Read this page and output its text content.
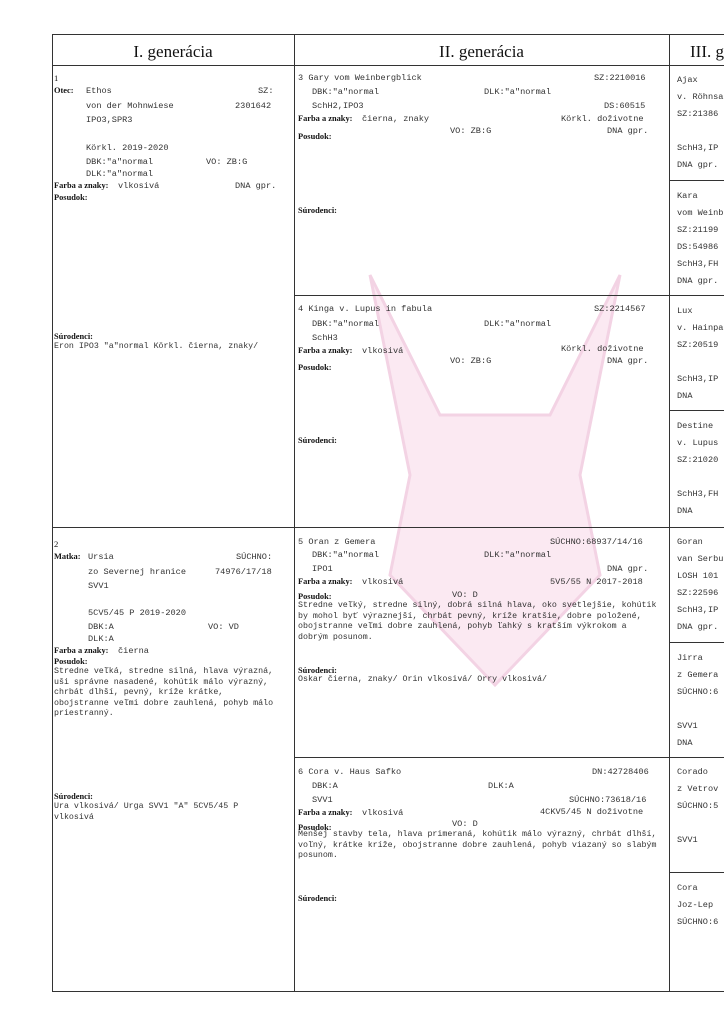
I. generácia	II. generácia	III. g
1
Otec: Ethos	SZ:
von der Mohnwiese	2301642
IPO3,SPR3
Körkl. 2019-2020
DBK:"a"normal	VO: ZB:G
DLK:"a"normal
Farba a znaky: vlkosivá	DNA gpr.
Posudok:
Súrodenci:
Eron IPO3 "a"normal Körkl. čierna, znaky/
2
Matka: Ursia	SÚCHNO:
zo Severnej hranice	74976/17/18
SVV1
5CV5/45 P 2019-2020
DBK:A	VO: VD
DLK:A
Farba a znaky: čierna
Posudok:
Stredne veľká, stredne silná, hlava výrazná, uši správne nasadené, kohútik málo výrazný, chrbát dlhší, pevný, kríže krátke, obojstranne veľmi dobre zauhlená, pohyb málo priestranný.
Súrodenci:
Ura vlkosivá/ Urga SVV1 "A" 5CV5/45 P vlkosivá
3 Gary vom Weinbergblick	SZ:2210016
DBK:"a"normal	DLK:"a"normal
SchH2,IPO3	DS:60515
Farba a znaky: čierna, znaky	Körkl. doživotne
Posudok:
VO: ZB:G	DNA gpr.
Súrodenci:
4 Kinga v. Lupus in fabula	SZ:2214567
DBK:"a"normal	DLK:"a"normal
SchH3
Farba a znaky: vlkosivá	Körkl. doživotne
Posudok:
VO: ZB:G	DNA gpr.
Súrodenci:
5 Oran z Gemera	SÚCHNO:68937/14/16
DBK:"a"normal	DLK:"a"normal
IPO1	DNA gpr.
Farba a znaky: vlkosivá	5V5/55 N 2017-2018
Posudok:	VO: D
Stredne veľký, stredne silný, dobrá silná hlava, oko svetlejšie, kohútik by mohol byť výraznejší, chrbát pevný, kríže kratšie, dobre položené, obojstranne veľmi dobre zauhlená, pohyb ľahký s kratším výkrokom a dobrým posunom.
Súrodenci:
Oskar čierna, znaky/ Orin vlkosivá/ Orry vlkosivá/
6 Cora v. Haus Safko	DN:42728406
DBK:A	DLK:A
SVV1	SÚCHNO:73618/16
Farba a znaky: vlkosivá	4CKV5/45 N doživotne
Posudok:	VO: D
Menšej stavby tela, hlava primeraná, kohútik málo výrazný, chrbát dlhší, voľný, krátke kríže, obojstranne dobre zauhlená, pohyb viazaný so slabým posunom.
Súrodenci:
Ajax
v. Röhnsa
SZ:21386
SchH3,IP
DNA gpr.
Kara
vom Weinb
SZ:21199
DS:54986
SchH3,FH
DNA gpr.
Lux
v. Hainpa
SZ:20519
SchH3,IP
DNA
Destine
v. Lupus
SZ:21020
SchH3,FH
DNA
Goran
van Serbu
LOSH 101
SZ:22596
SchH3,IP
DNA gpr.
Jirra
z Gemera
SÚCHNO:6
SVV1
DNA
Corado
z Vetrov
SÚCHNO:5
SVV1
Cora
Joz-Lep
SÚCHNO:6
